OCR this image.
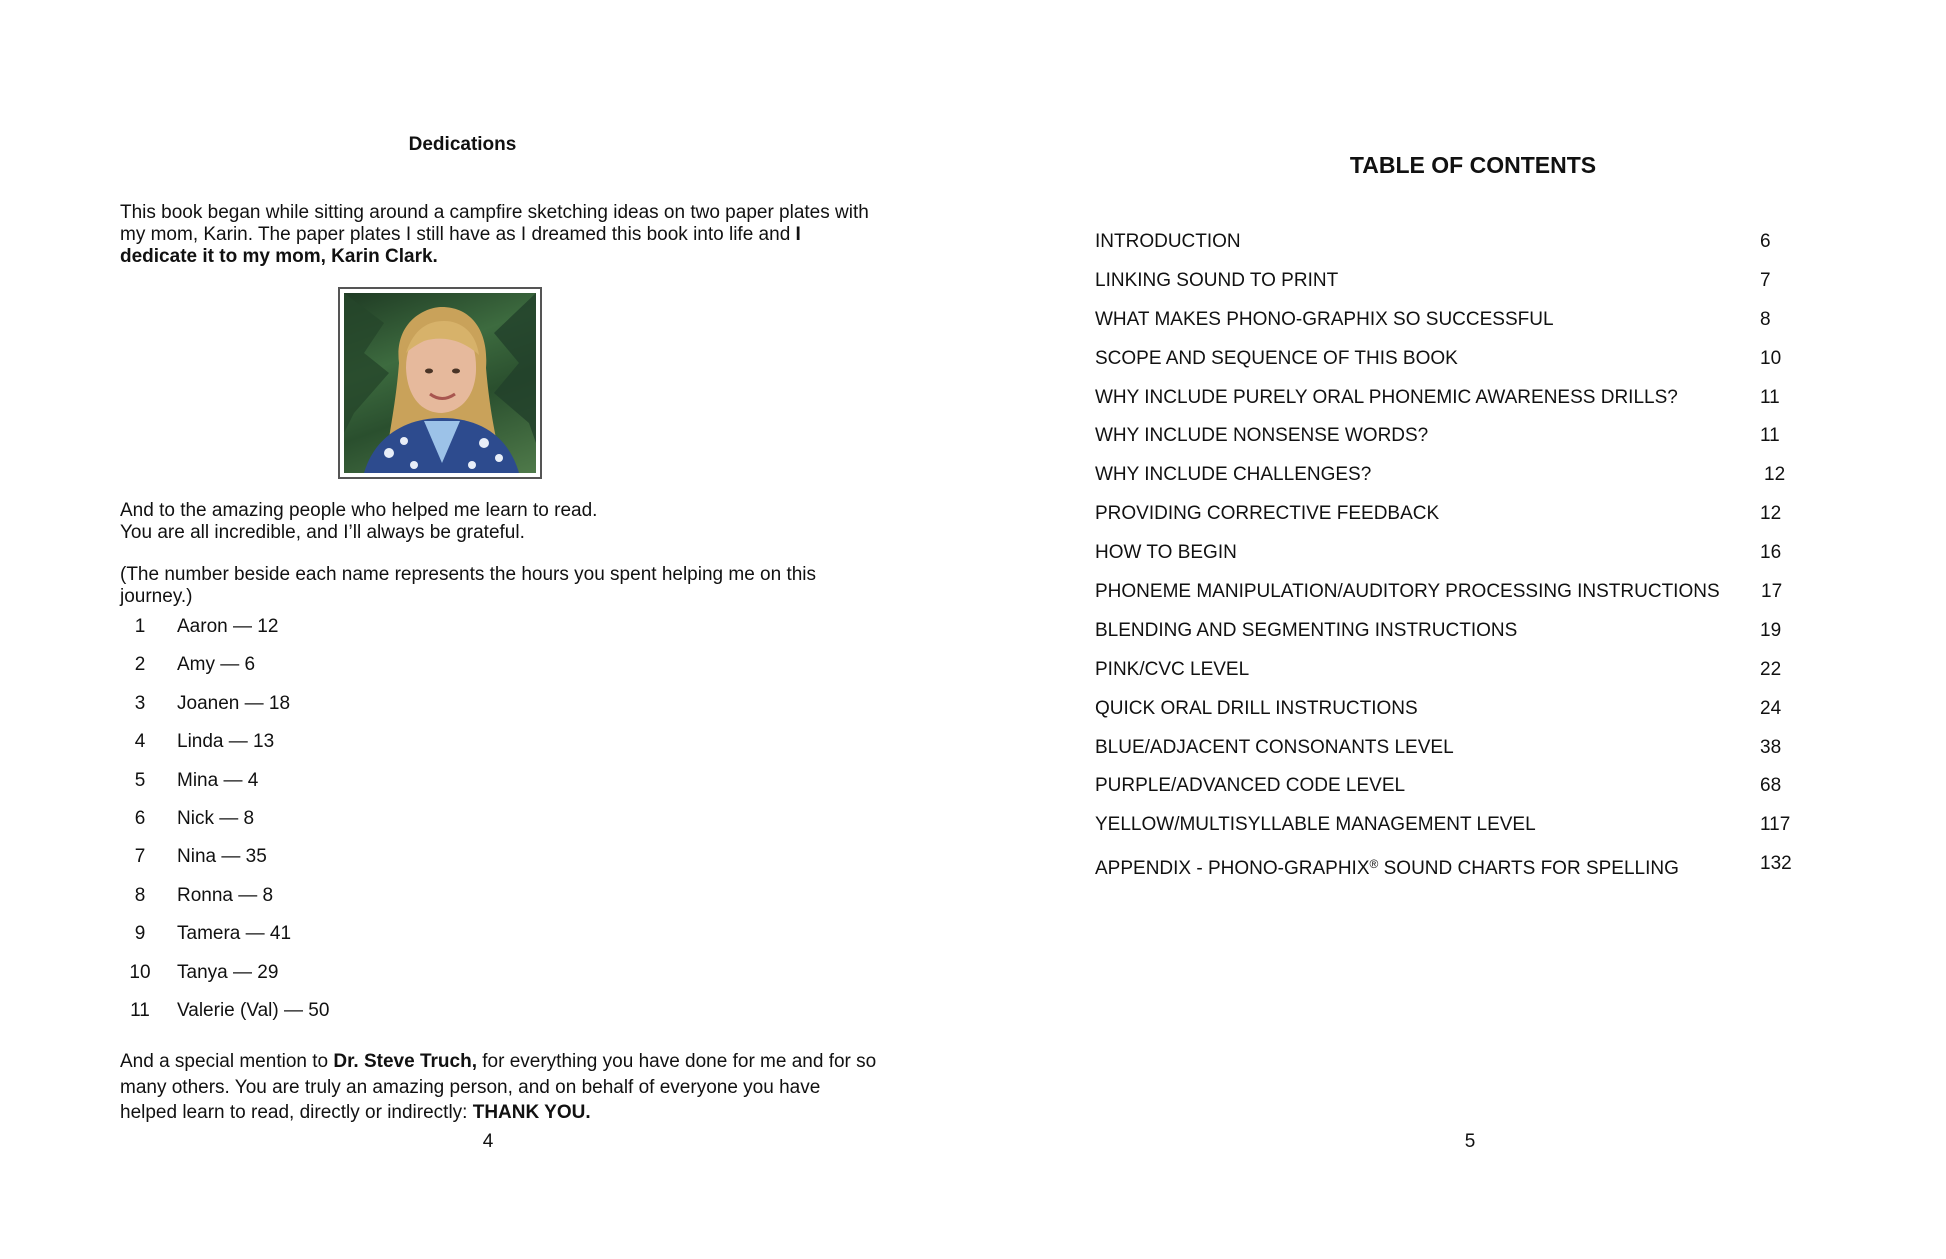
Dedications

This book began while sitting around a campfire sketching ideas on two paper plates with my mom, Karin. The paper plates I still have as I dreamed this book into life and I dedicate it to my mom, Karin Clark.

And to the amazing people who helped me learn to read.
You are all incredible, and I’ll always be grateful.

(The number beside each name represents the hours you spent helping me on this journey.)

1	Aaron — 12
2	Amy — 6
3	Joanen — 18
4	Linda — 13
5	Mina — 4
6	Nick — 8
7	Nina — 35
8	Ronna — 8
9	Tamera — 41
10	Tanya — 29
11	Valerie (Val) — 50

And a special mention to Dr. Steve Truch, for everything you have done for me and for so many others. You are truly an amazing person, and on behalf of everyone you have helped learn to read, directly or indirectly: THANK YOU.

4
TABLE OF CONTENTS
INTRODUCTION	6
LINKING SOUND TO PRINT	7
WHAT MAKES PHONO-GRAPHIX SO SUCCESSFUL	8
SCOPE AND SEQUENCE OF THIS BOOK	10
WHY INCLUDE PURELY ORAL PHONEMIC AWARENESS DRILLS?	11
WHY INCLUDE NONSENSE WORDS?	11
WHY INCLUDE CHALLENGES?	12
PROVIDING CORRECTIVE FEEDBACK	12
HOW TO BEGIN	16
PHONEME MANIPULATION/AUDITORY PROCESSING INSTRUCTIONS 17
BLENDING AND SEGMENTING INSTRUCTIONS	19
PINK/CVC LEVEL	22
QUICK ORAL DRILL INSTRUCTIONS	24
BLUE/ADJACENT CONSONANTS LEVEL	38
PURPLE/ADVANCED CODE LEVEL	68
YELLOW/MULTISYLLABLE MANAGEMENT LEVEL	117
APPENDIX - PHONO-GRAPHIX® SOUND CHARTS FOR SPELLING	132
5
